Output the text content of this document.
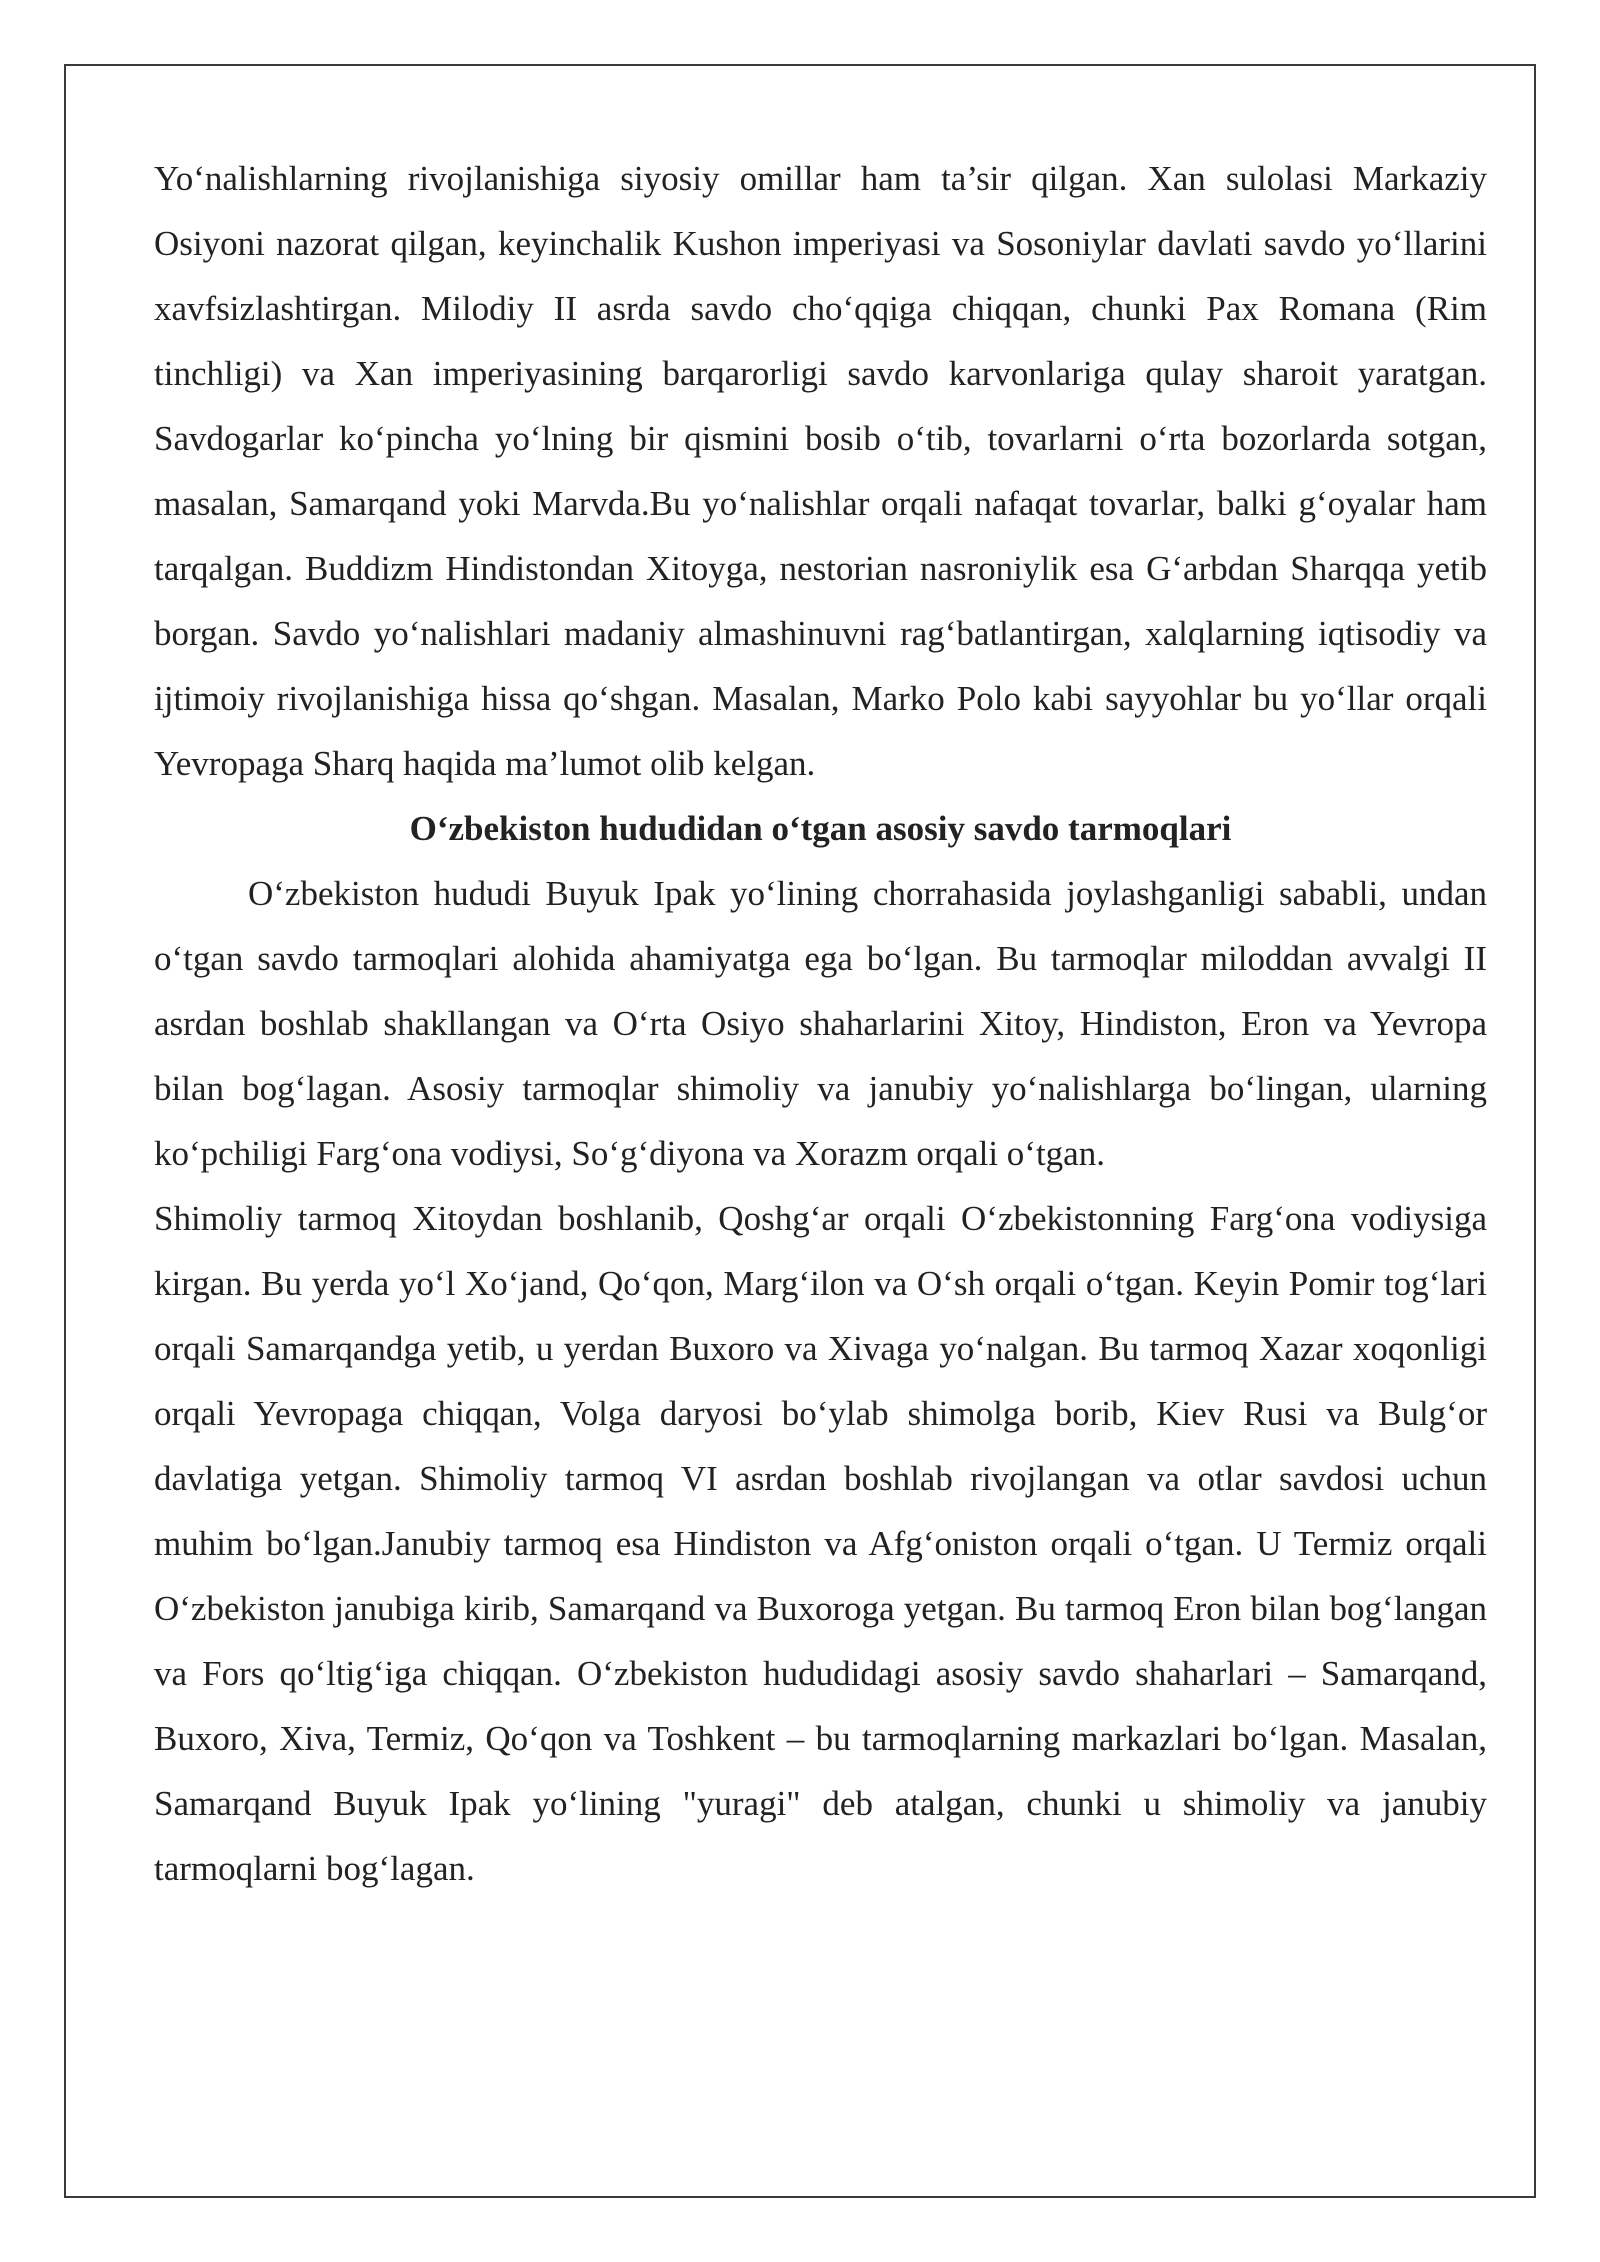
Yo‘nalishlarning rivojlanishiga siyosiy omillar ham ta’sir qilgan. Xan sulolasi Markaziy Osiyoni nazorat qilgan, keyinchalik Kushon imperiyasi va Sosoniylar davlati savdo yo‘llarini xavfsizlashtirgan. Milodiy II asrda savdo cho‘qqiga chiqqan, chunki Pax Romana (Rim tinchligi) va Xan imperiyasining barqarorligi savdo karvonlariga qulay sharoit yaratgan. Savdogarlar ko‘pincha yo‘lning bir qismini bosib o‘tib, tovarlarni o‘rta bozorlarda sotgan, masalan, Samarqand yoki Marvda.Bu yo‘nalishlar orqali nafaqat tovarlar, balki g‘oyalar ham tarqalgan. Buddizm Hindistondan Xitoyga, nestorian nasroniylik esa G‘arbdan Sharqqa yetib borgan. Savdo yo‘nalishlari madaniy almashinuvni rag‘batlantirgan, xalqlarning iqtisodiy va ijtimoiy rivojlanishiga hissa qo‘shgan. Masalan, Marko Polo kabi sayyohlar bu yo‘llar orqali Yevropaga Sharq haqida ma’lumot olib kelgan.

O‘zbekiston hududidan o‘tgan asosiy savdo tarmoqlari

O‘zbekiston hududi Buyuk Ipak yo‘lining chorrahasida joylashganligi sababli, undan o‘tgan savdo tarmoqlari alohida ahamiyatga ega bo‘lgan. Bu tarmoqlar miloddan avvalgi II asrdan boshlab shakllangan va O‘rta Osiyo shaharlarini Xitoy, Hindiston, Eron va Yevropa bilan bog‘lagan. Asosiy tarmoqlar shimoliy va janubiy yo‘nalishlarga bo‘lingan, ularning ko‘pchiligi Farg‘ona vodiysi, So‘g‘diyona va Xorazm orqali o‘tgan.

Shimoliy tarmoq Xitoydan boshlanib, Qoshg‘ar orqali O‘zbekistonning Farg‘ona vodiysiga kirgan. Bu yerda yo‘l Xo‘jand, Qo‘qon, Marg‘ilon va O‘sh orqali o‘tgan. Keyin Pomir tog‘lari orqali Samarqandga yetib, u yerdan Buxoro va Xivaga yo‘nalgan. Bu tarmoq Xazar xoqonligi orqali Yevropaga chiqqan, Volga daryosi bo‘ylab shimolga borib, Kiev Rusi va Bulg‘or davlatiga yetgan. Shimoliy tarmoq VI asrdan boshlab rivojlangan va otlar savdosi uchun muhim bo‘lgan.Janubiy tarmoq esa Hindiston va Afg‘oniston orqali o‘tgan. U Termiz orqali O‘zbekiston janubiga kirib, Samarqand va Buxoroga yetgan. Bu tarmoq Eron bilan bog‘langan va Fors qo‘ltig‘iga chiqqan. O‘zbekiston hududidagi asosiy savdo shaharlari – Samarqand, Buxoro, Xiva, Termiz, Qo‘qon va Toshkent – bu tarmoqlarning markazlari bo‘lgan. Masalan, Samarqand Buyuk Ipak yo‘lining "yuragi" deb atalgan, chunki u shimoliy va janubiy tarmoqlarni bog‘lagan.
